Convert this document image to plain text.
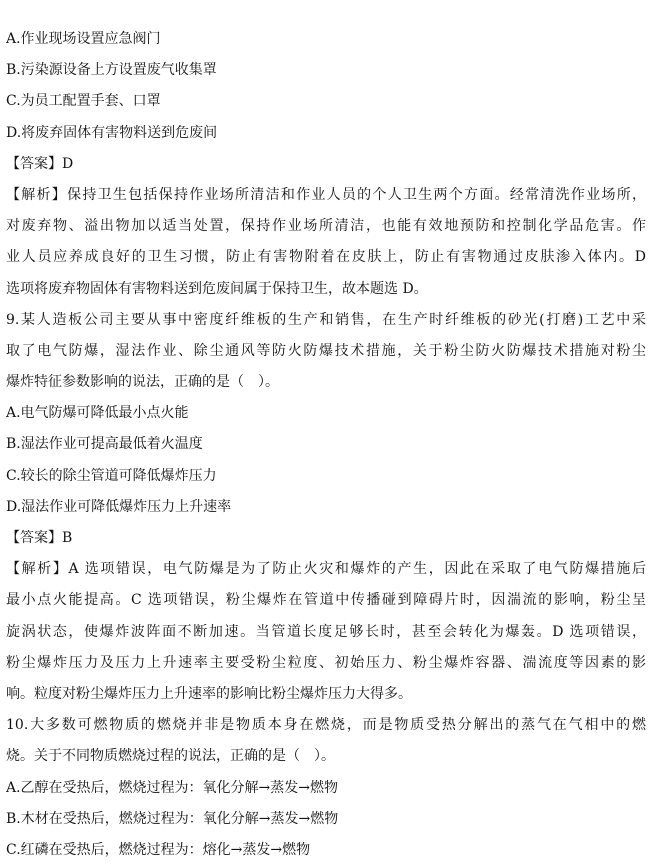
A.作业现场设置应急阀门
B.污染源设备上方设置废气收集罩
C.为员工配置手套、口罩
D.将废弃固体有害物料送到危废间
【答案】D
【解析】保持卫生包括保持作业场所清洁和作业人员的个人卫生两个方面。经常清洗作业场所，
对废弃物、溢出物加以适当处置，保持作业场所清洁，也能有效地预防和控制化学品危害。作
业人员应养成良好的卫生习惯，防止有害物附着在皮肤上，防止有害物通过皮肤渗入体内。D
选项将废弃物固体有害物料送到危废间属于保持卫生，故本题选 D。
9.某人造板公司主要从事中密度纤维板的生产和销售，在生产时纤维板的砂光(打磨)工艺中采
取了电气防爆，湿法作业、除尘通风等防火防爆技术措施，关于粉尘防火防爆技术措施对粉尘
爆炸特征参数影响的说法，正确的是（　）。
A.电气防爆可降低最小点火能
B.湿法作业可提高最低着火温度
C.较长的除尘管道可降低爆炸压力
D.湿法作业可降低爆炸压力上升速率
【答案】B
【解析】A 选项错误，电气防爆是为了防止火灾和爆炸的产生，因此在采取了电气防爆措施后
最小点火能提高。C 选项错误，粉尘爆炸在管道中传播碰到障碍片时，因湍流的影响，粉尘呈
旋涡状态，使爆炸波阵面不断加速。当管道长度足够长时，甚至会转化为爆轰。D 选项错误，
粉尘爆炸压力及压力上升速率主要受粉尘粒度、初始压力、粉尘爆炸容器、湍流度等因素的影
响。粒度对粉尘爆炸压力上升速率的影响比粉尘爆炸压力大得多。
10.大多数可燃物质的燃烧并非是物质本身在燃烧，而是物质受热分解出的蒸气在气相中的燃
烧。关于不同物质燃烧过程的说法，正确的是（　）。
A.乙醇在受热后，燃烧过程为：氧化分解→蒸发→燃物
B.木材在受热后，燃烧过程为：氧化分解→蒸发→燃物
C.红磷在受热后，燃烧过程为：熔化→蒸发→燃物
